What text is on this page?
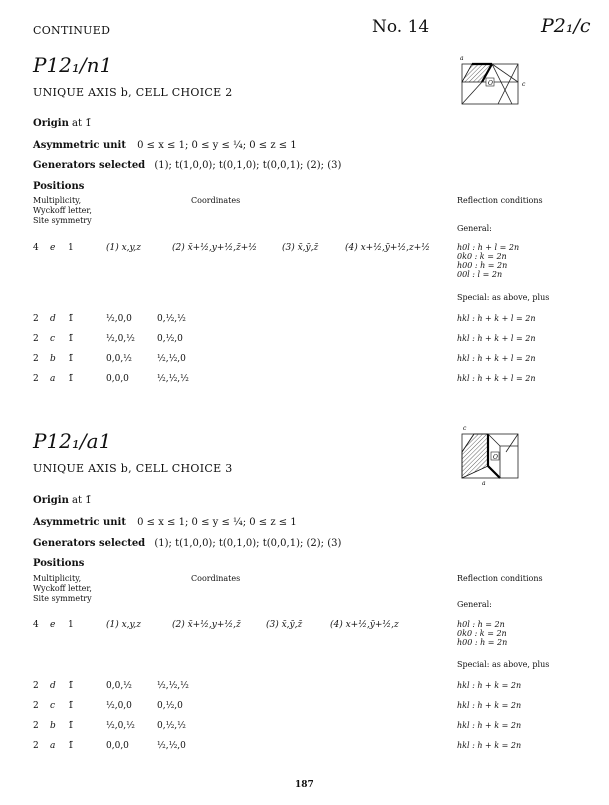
CONTINUED	No. 14	P2₁/c
P12₁/n1
UNIQUE AXIS b, CELL CHOICE 2
Origin at 1̄
Asymmetric unit 0 ≤ x ≤ 1; 0 ≤ y ≤ ¼; 0 ≤ z ≤ 1
Generators selected (1); t(1,0,0); t(0,1,0); t(0,0,1); (2); (3)
Positions
Multiplicity,
Wyckoff letter,
Site symmetry
Coordinates	Reflection conditions
General:
4 e 1	(1) x,y,z	(2) x̄+½,y+½,z̄+½	(3) x̄,ȳ,z̄	(4) x+½,ȳ+½,z+½	h0l : h + l = 2n
0k0 : k = 2n
h00 : h = 2n
00l : l = 2n
Special: as above, plus
2 d 1̄	½,0,0	0,½,½	hkl : h + k + l = 2n
2 c 1̄	½,0,½ 0,½,0	hkl : h + k + l = 2n
2 b 1̄	0,0,½	½,½,0	hkl : h + k + l = 2n
2 a 1̄	0,0,0	½,½,½	hkl : h + k + l = 2n
O
a
c
P12₁/a1
UNIQUE AXIS b, CELL CHOICE 3
Origin at 1̄
Asymmetric unit 0 ≤ x ≤ 1; 0 ≤ y ≤ ¼; 0 ≤ z ≤ 1
Generators selected (1); t(1,0,0); t(0,1,0); t(0,0,1); (2); (3)
Positions
Multiplicity,
Wyckoff letter,
Site symmetry
Coordinates	Reflection conditions
General:
4 e 1	(1) x,y,z	(2) x̄+½,y+½,z̄	(3) x̄,ȳ,z̄	(4) x+½,ȳ+½,z	h0l : h = 2n
0k0 : k = 2n
h00 : h = 2n
Special: as above, plus
2 d 1̄	0,0,½	½,½,½	hkl : h + k = 2n
2 c 1̄	½,0,0	0,½,0	hkl : h + k = 2n
2 b 1̄	½,0,½ 0,½,½	hkl : h + k = 2n
2 a 1̄	0,0,0	½,½,0	hkl : h + k = 2n
O
c
a
187
